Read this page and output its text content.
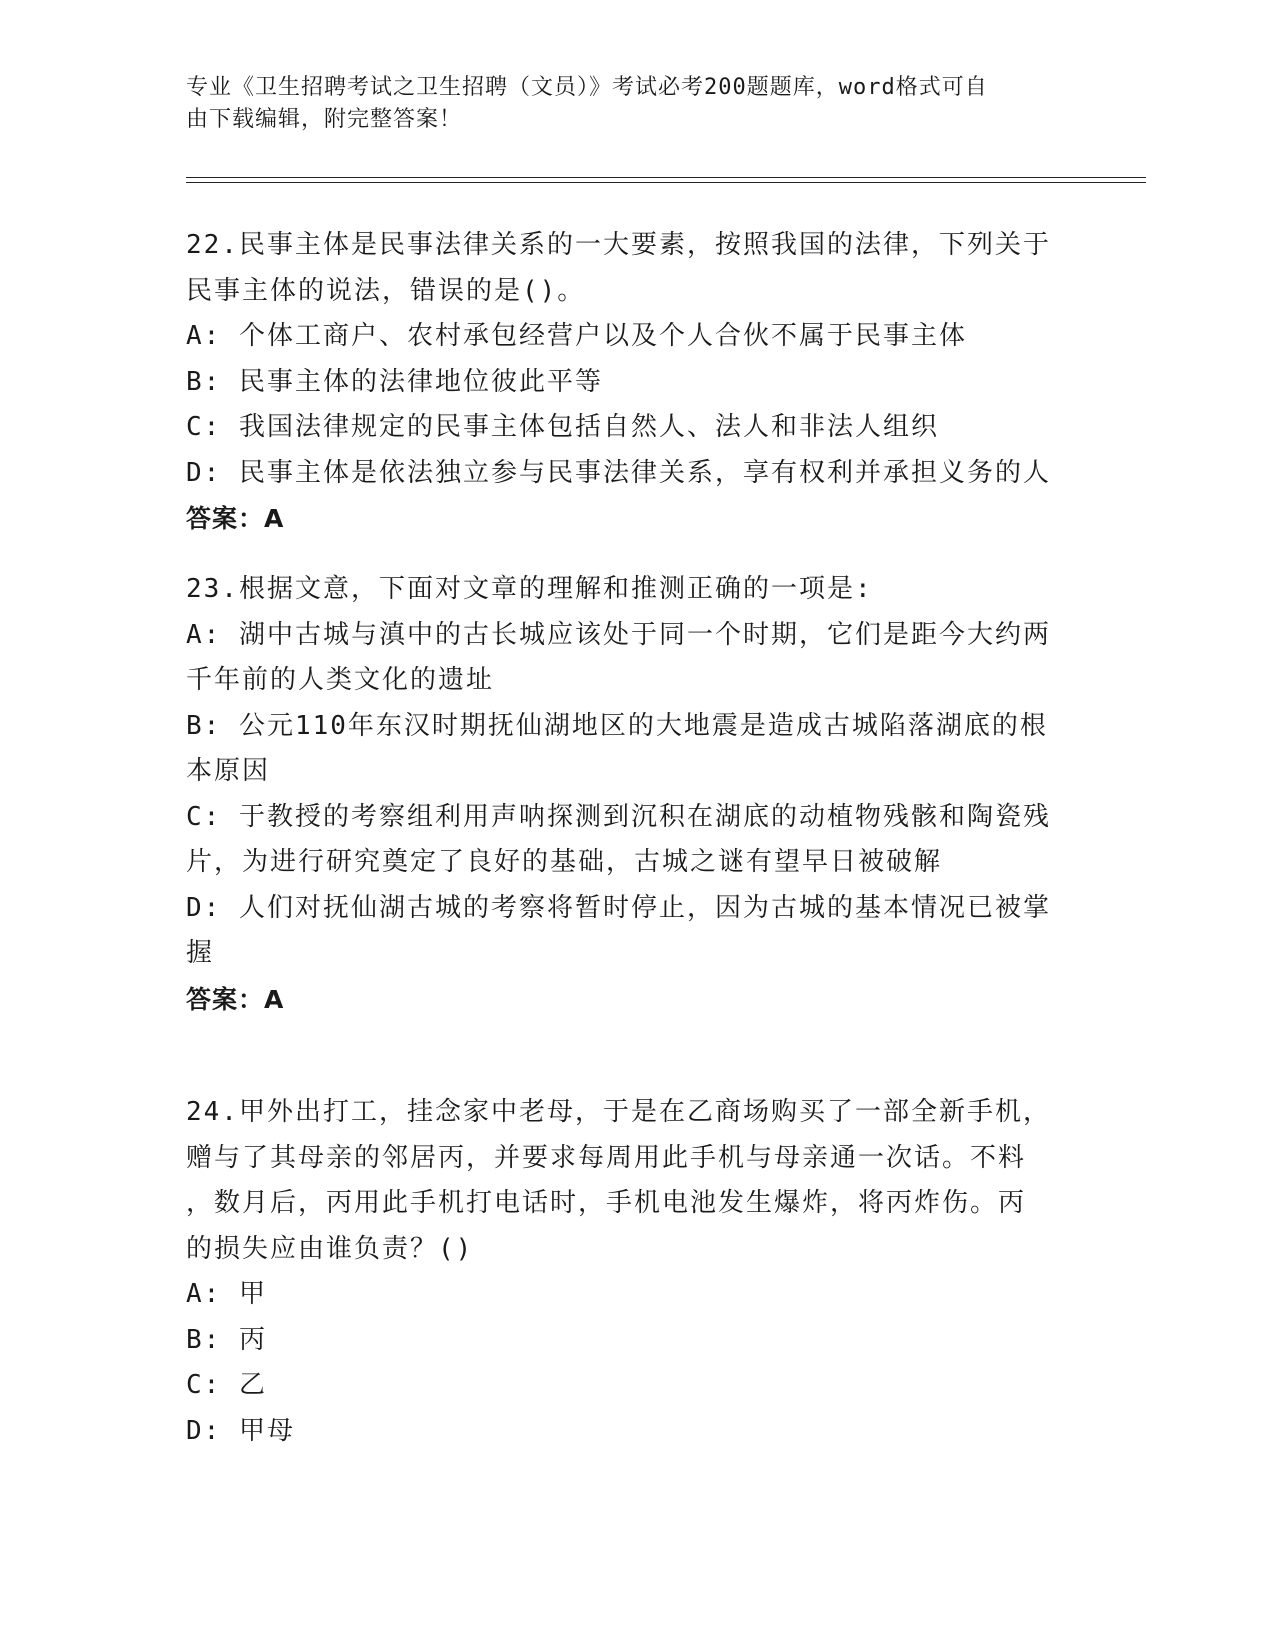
专业《卫生招聘考试之卫生招聘（文员）》考试必考200题题库，word格式可自
由下载编辑，附完整答案！
22.民事主体是民事法律关系的一大要素，按照我国的法律，下列关于
民事主体的说法，错误的是()。
A: 个体工商户、农村承包经营户以及个人合伙不属于民事主体
B: 民事主体的法律地位彼此平等
C: 我国法律规定的民事主体包括自然人、法人和非法人组织
D: 民事主体是依法独立参与民事法律关系，享有权利并承担义务的人
答案：A
23.根据文意，下面对文章的理解和推测正确的一项是:
A: 湖中古城与滇中的古长城应该处于同一个时期，它们是距今大约两
千年前的人类文化的遗址
B: 公元110年东汉时期抚仙湖地区的大地震是造成古城陷落湖底的根
本原因
C: 于教授的考察组利用声呐探测到沉积在湖底的动植物残骸和陶瓷残
片，为进行研究奠定了良好的基础，古城之谜有望早日被破解
D: 人们对抚仙湖古城的考察将暂时停止，因为古城的基本情况已被掌
握
答案：A
24.甲外出打工，挂念家中老母，于是在乙商场购买了一部全新手机，
赠与了其母亲的邻居丙，并要求每周用此手机与母亲通一次话。不料
，数月后，丙用此手机打电话时，手机电池发生爆炸，将丙炸伤。丙
的损失应由谁负责？()
A: 甲
B: 丙
C: 乙
D: 甲母
